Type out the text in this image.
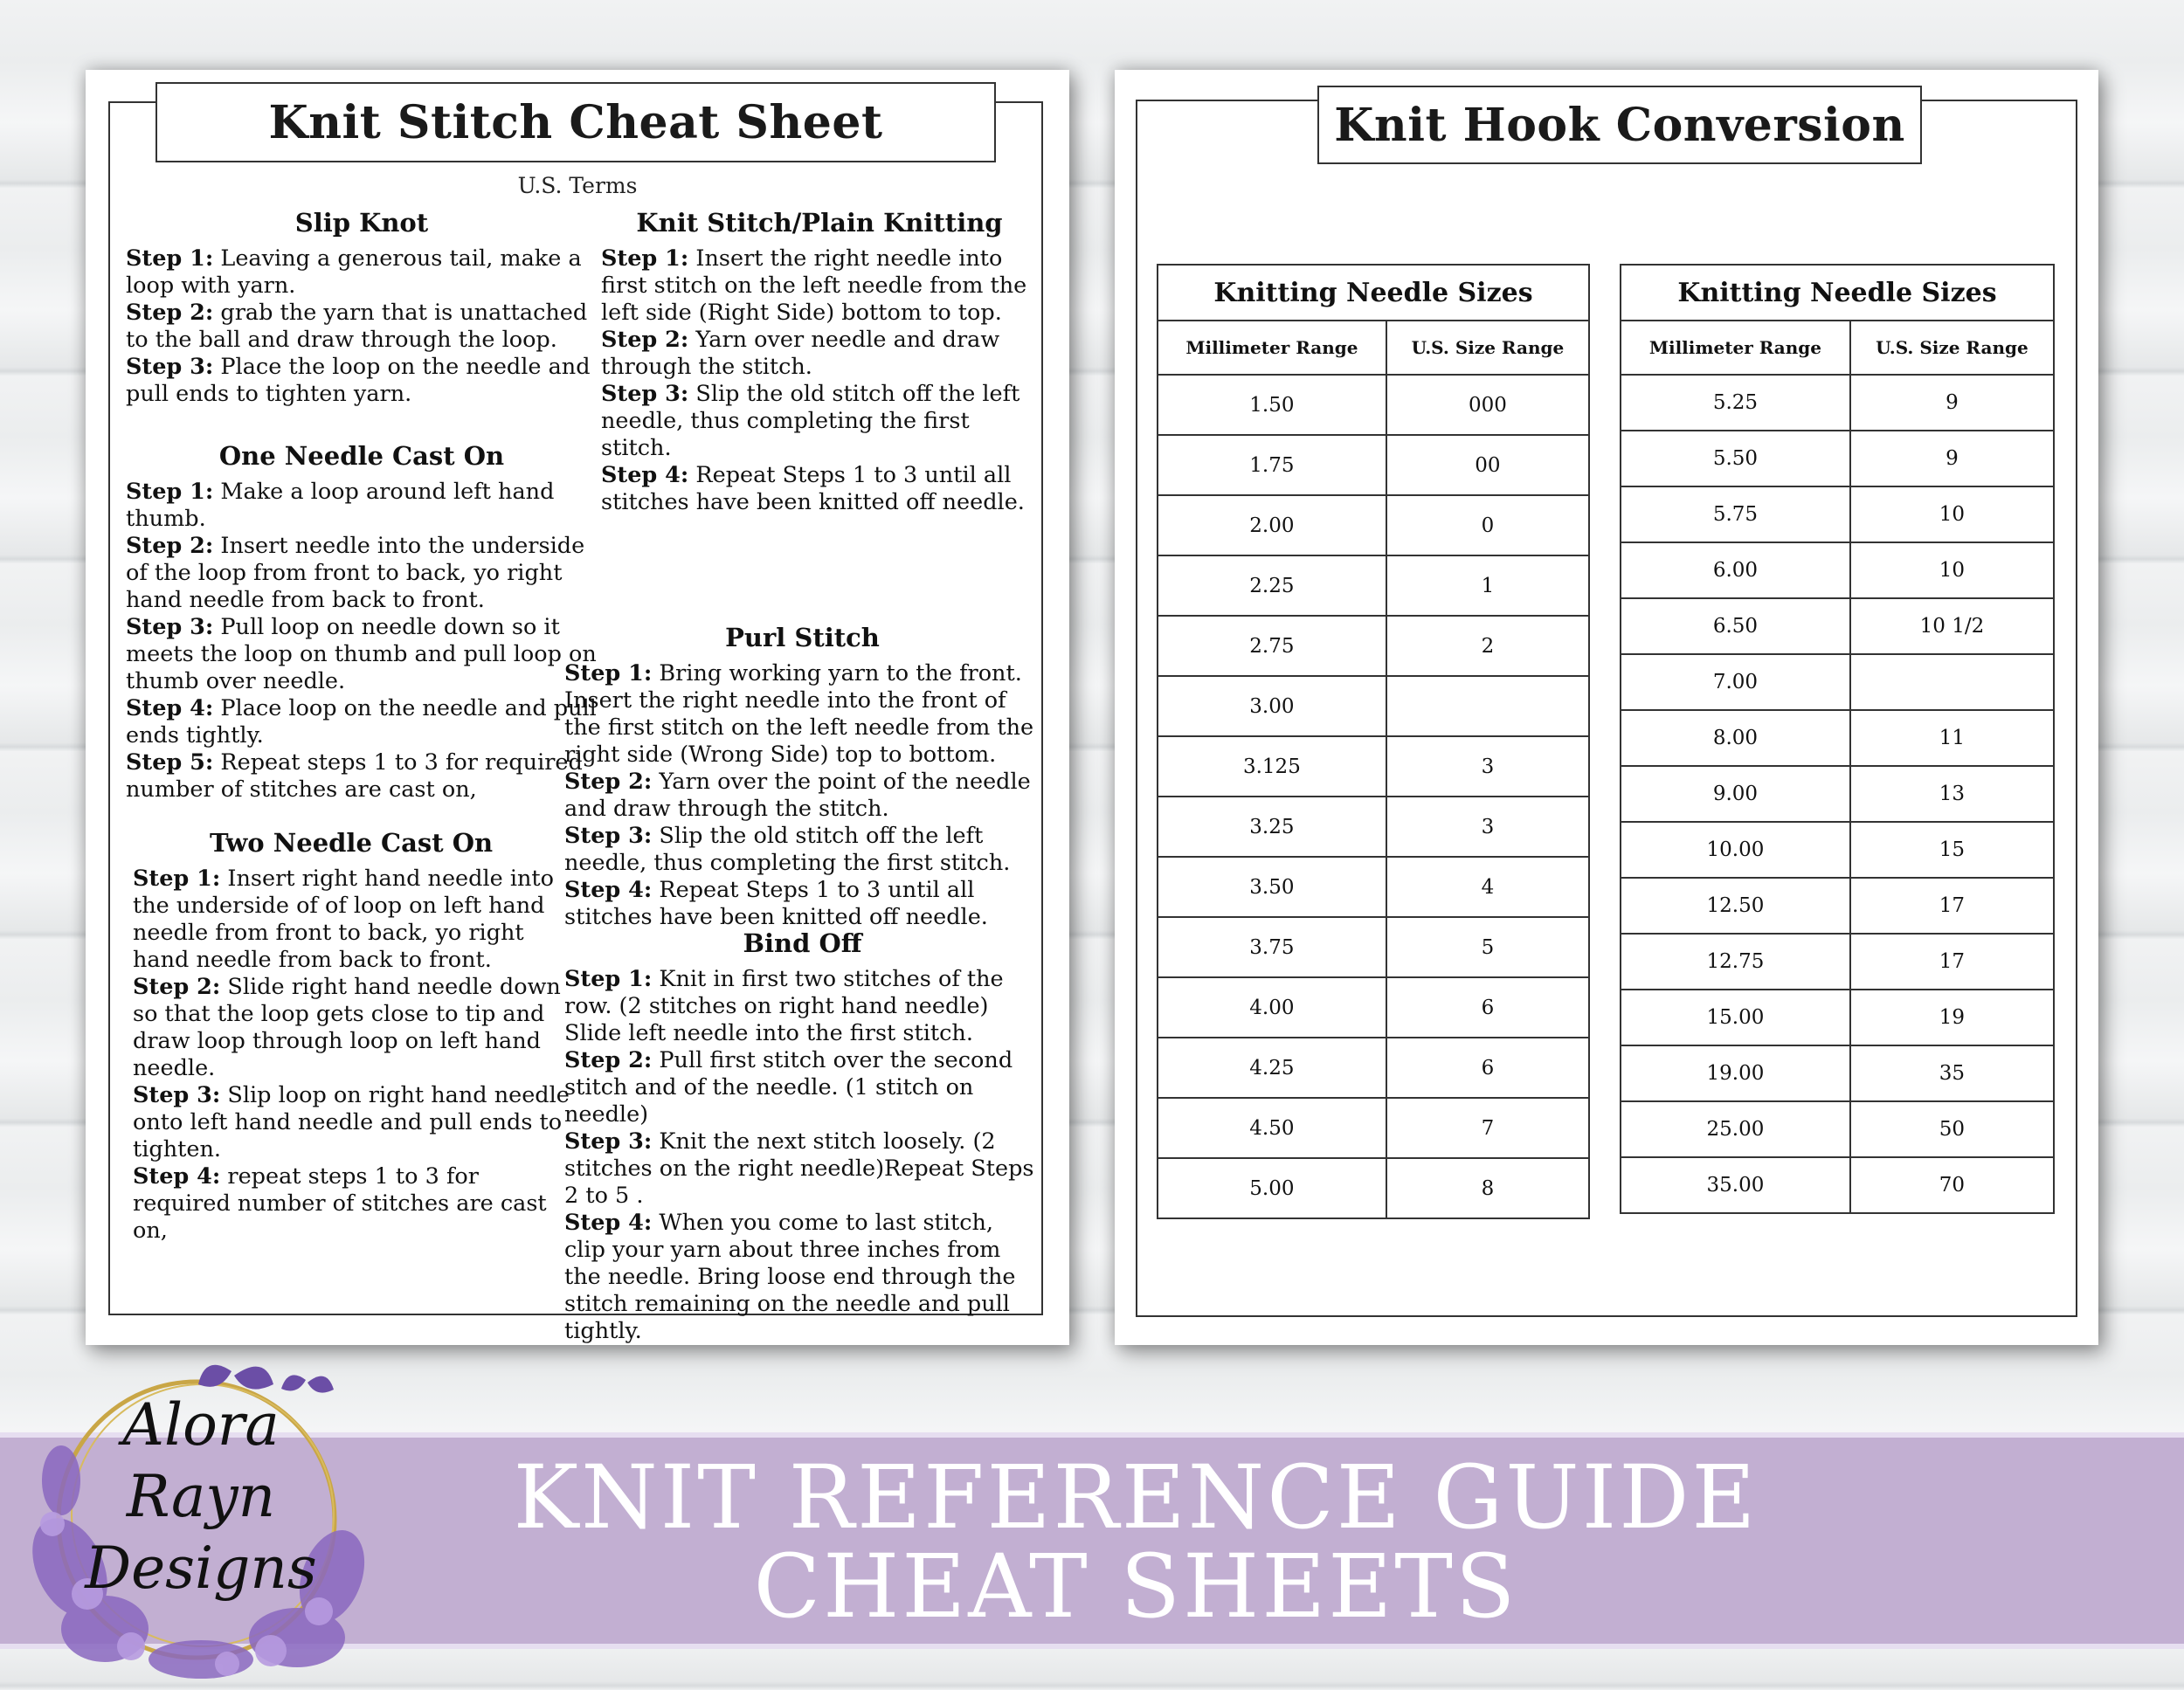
Knit Stitch Cheat Sheet
U.S. Terms
Slip Knot

Step 1: Leaving a generous tail, make a loop with yarn.

Step 2: grab the yarn that is unattached to the ball and draw through the loop.

Step 3: Place the loop on the needle and pull ends to tighten yarn.

One Needle Cast On

Step 1: Make a loop around left hand thumb.

Step 2: Insert needle into the underside of the loop from front to back, yo right hand needle from back to front.

Step 3: Pull loop on needle down so it meets the loop on thumb and pull loop on thumb over needle.

Step 4: Place loop on the needle and pull ends tightly.

Step 5: Repeat steps 1 to 3 for required number of stitches are cast on,

Two Needle Cast On

Step 1: Insert right hand needle into the underside of of loop on left hand needle from front to back, yo right hand needle from back to front.

Step 2: Slide right hand needle down so that the loop gets close to tip and draw loop through loop on left hand needle.

Step 3: Slip loop on right hand needle onto left hand needle and pull ends to tighten.

Step 4: repeat steps 1 to 3 for required number of stitches are cast on,

Knit Stitch/Plain Knitting

Step 1: Insert the right needle into first stitch on the left needle from the left side (Right Side) bottom to top.

Step 2: Yarn over needle and draw through the stitch.

Step 3: Slip the old stitch off the left needle, thus completing the first stitch.

Step 4: Repeat Steps 1 to 3 until all stitches have been knitted off needle.

Purl Stitch

Step 1: Bring working yarn to the front. Insert the right needle into the front of the first stitch on the left needle from the right side (Wrong Side) top to bottom.

Step 2: Yarn over the point of the needle and draw through the stitch.

Step 3: Slip the old stitch off the left needle, thus completing the first stitch.

Step 4: Repeat Steps 1 to 3 until all stitches have been knitted off needle.

Bind Off

Step 1: Knit in first two stitches of the row. (2 stitches on right hand needle) Slide left needle into the first stitch.

Step 2: Pull first stitch over the second stitch and of the needle. (1 stitch on needle)

Step 3: Knit the next stitch loosely. (2 stitches on the right needle)Repeat Steps 2 to 5 .

Step 4: When you come to last stitch, clip your yarn about three inches from the needle. Bring loose end through the stitch remaining on the needle and pull tightly.

Knit Hook Conversion
Knitting Needle Sizes	
Millimeter Range	U.S. Size Range
1.50	000
1.75	00
2.00	0
2.25	1
2.75	2
3.00	
3.125	3
3.25	3
3.50	4
3.75	5
4.00	6
4.25	6
4.50	7
5.00	8
Knitting Needle Sizes	
Millimeter Range	U.S. Size Range
5.25	9
5.50	9
5.75	10
6.00	10
6.50	10 1/2
7.00	
8.00	11
9.00	13
10.00	15
12.50	17
12.75	17
15.00	19
19.00	35
25.00	50
35.00	70
KNIT REFERENCE GUIDE
CHEAT SHEETS
Alora
Rayn
Designs
